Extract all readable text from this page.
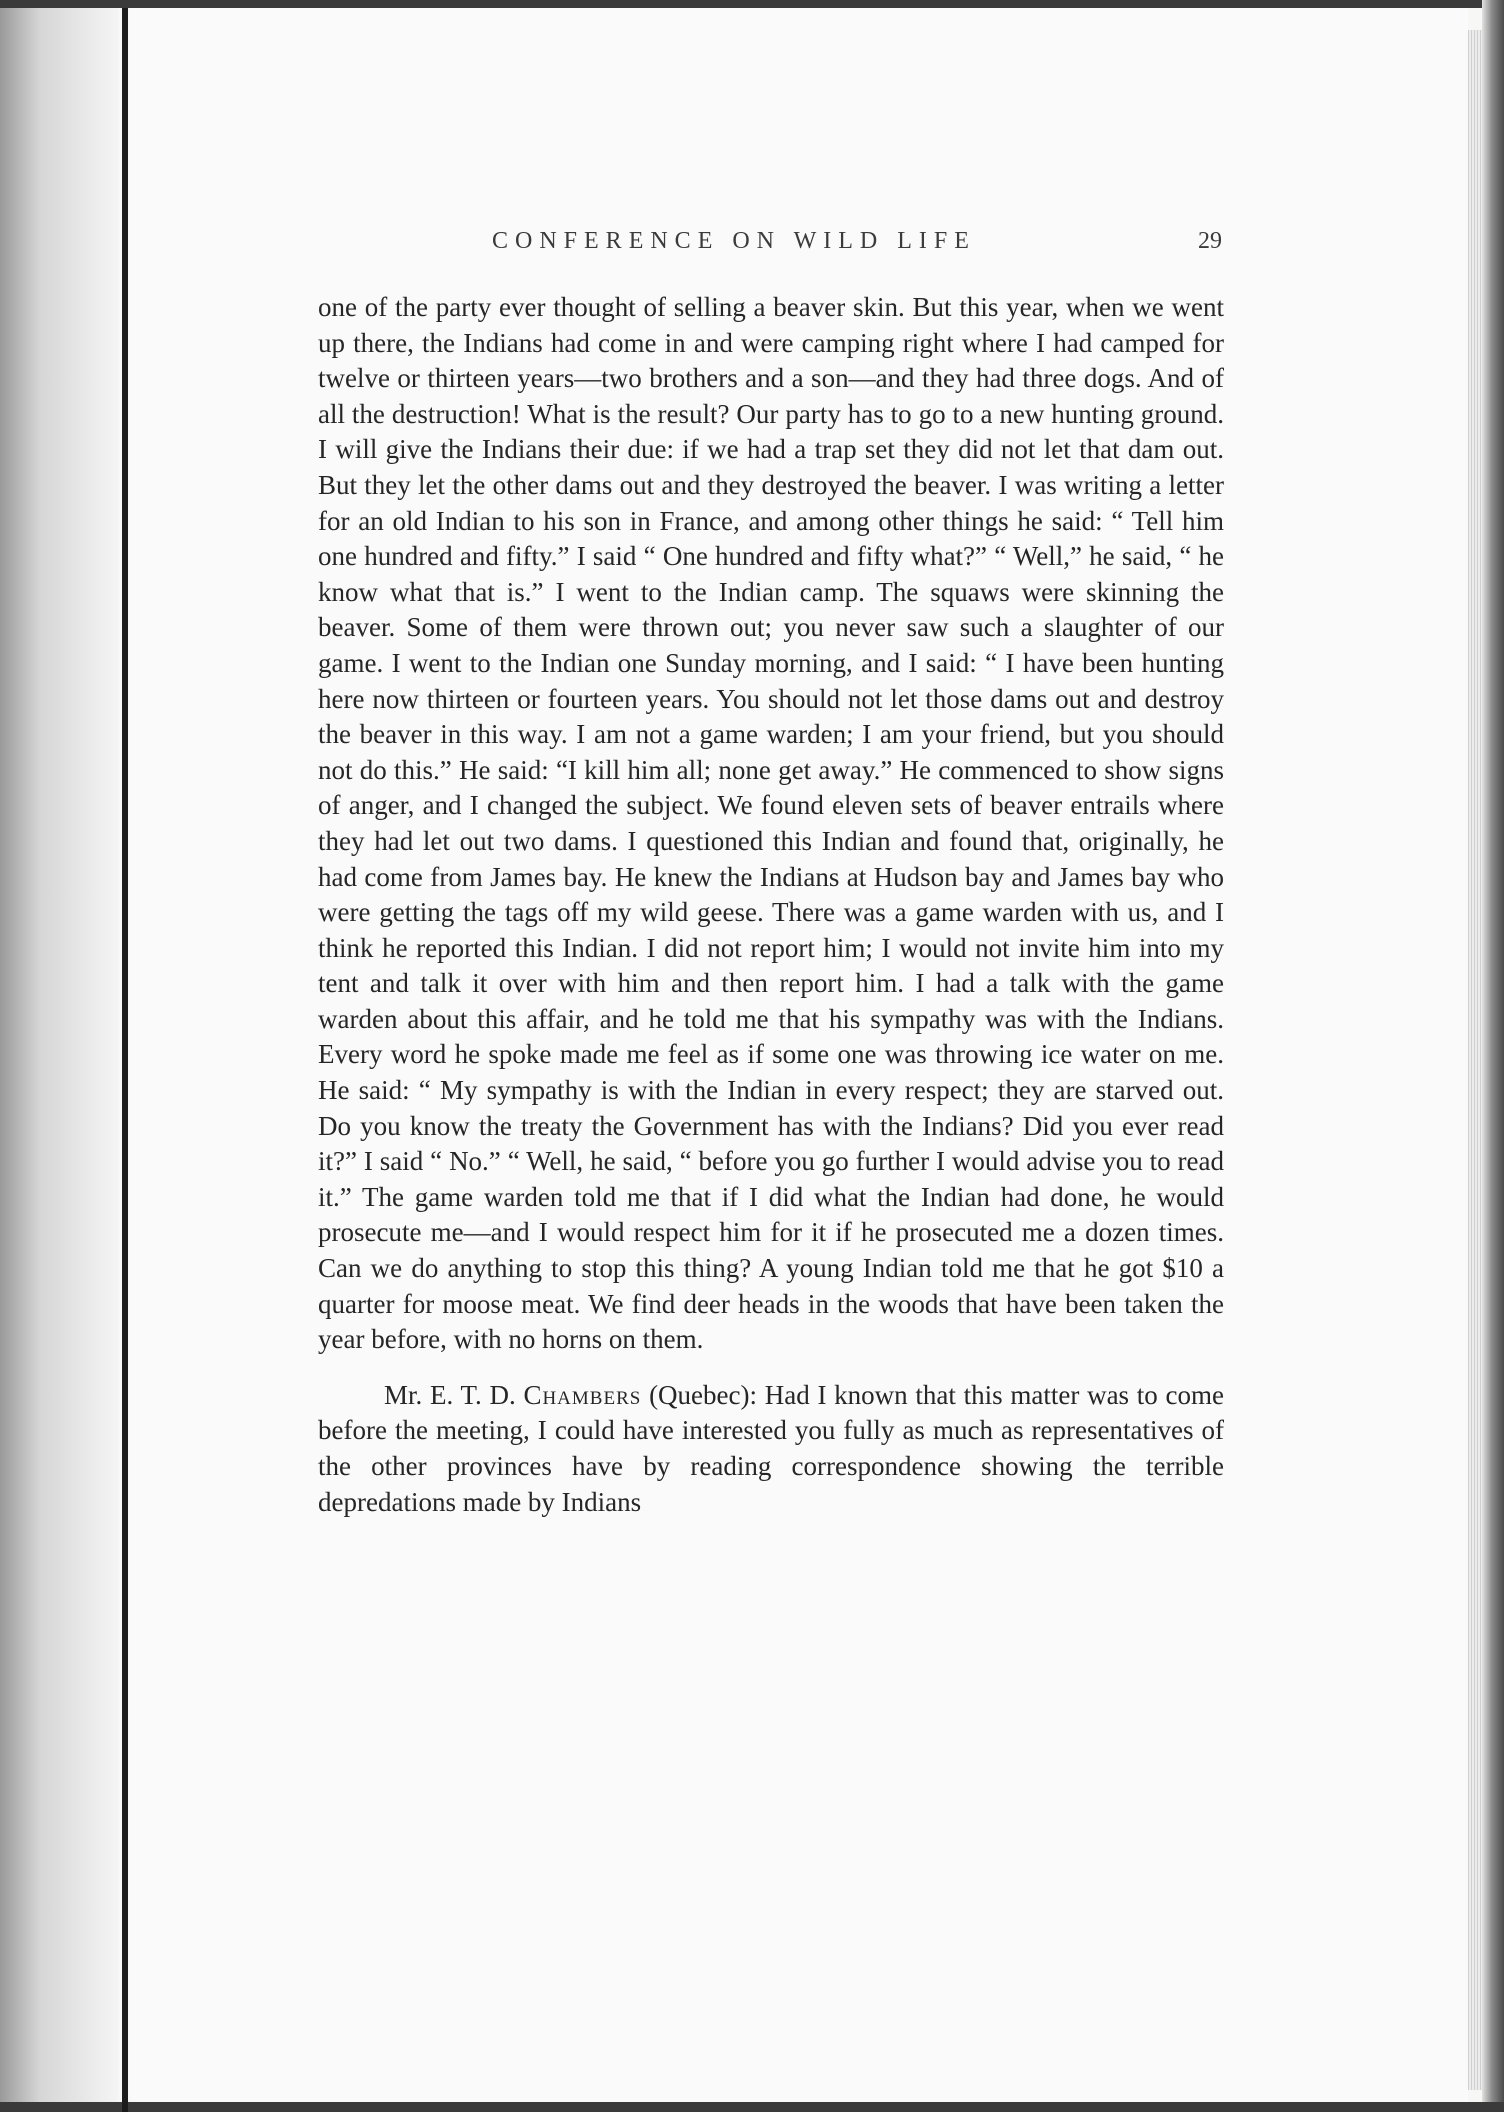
CONFERENCE ON WILD LIFE	29

one of the party ever thought of selling a beaver skin. But this year, when we went up there, the Indians had come in and were camping right where I had camped for twelve or thirteen years—two brothers and a son—and they had three dogs. And of all the destruction! What is the result? Our party has to go to a new hunting ground. I will give the Indians their due: if we had a trap set they did not let that dam out. But they let the other dams out and they destroyed the beaver. I was writing a letter for an old Indian to his son in France, and among other things he said: “ Tell him one hundred and fifty.” I said “ One hundred and fifty what?” “ Well,” he said, “ he know what that is.” I went to the Indian camp. The squaws were skinning the beaver. Some of them were thrown out; you never saw such a slaughter of our game. I went to the Indian one Sunday morning, and I said: “ I have been hunting here now thirteen or fourteen years. You should not let those dams out and destroy the beaver in this way. I am not a game warden; I am your friend, but you should not do this.” He said: “I kill him all; none get away.” He commenced to show signs of anger, and I changed the subject. We found eleven sets of beaver entrails where they had let out two dams. I questioned this Indian and found that, originally, he had come from James bay. He knew the Indians at Hudson bay and James bay who were getting the tags off my wild geese. There was a game warden with us, and I think he reported this Indian. I did not report him; I would not invite him into my tent and talk it over with him and then report him. I had a talk with the game warden about this affair, and he told me that his sympathy was with the Indians. Every word he spoke made me feel as if some one was throwing ice water on me. He said: “ My sympathy is with the Indian in every respect; they are starved out. Do you know the treaty the Government has with the Indians? Did you ever read it?” I said “ No.” “ Well, he said, “ before you go further I would advise you to read it.” The game warden told me that if I did what the Indian had done, he would prosecute me—and I would respect him for it if he prosecuted me a dozen times. Can we do anything to stop this thing? A young Indian told me that he got $10 a quarter for moose meat. We find deer heads in the woods that have been taken the year before, with no horns on them.

Mr. E. T. D. Chambers (Quebec): Had I known that this matter was to come before the meeting, I could have interested you fully as much as representatives of the other provinces have by reading correspondence showing the terrible depredations made by Indians
